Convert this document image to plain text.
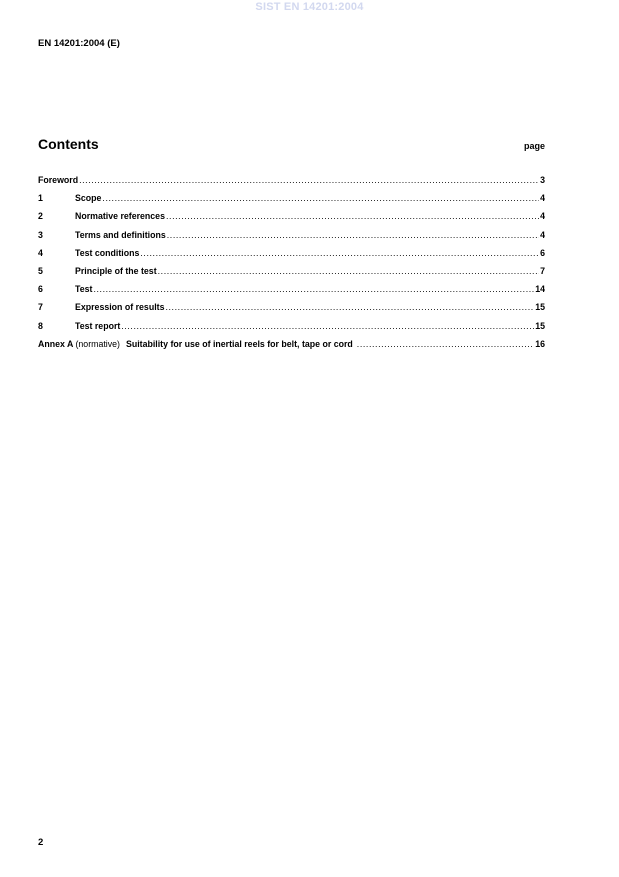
SIST EN 14201:2004
EN 14201:2004 (E)
Contents	page
Foreword .....	3
1	Scope .....	4
2	Normative references .....	4
3	Terms and definitions .....	4
4	Test conditions .....	6
5	Principle of the test .....	7
6	Test .....	14
7	Expression of results .....	15
8	Test report .....	15
Annex A (normative) Suitability for use of inertial reels for belt, tape or cord .....	16
2
